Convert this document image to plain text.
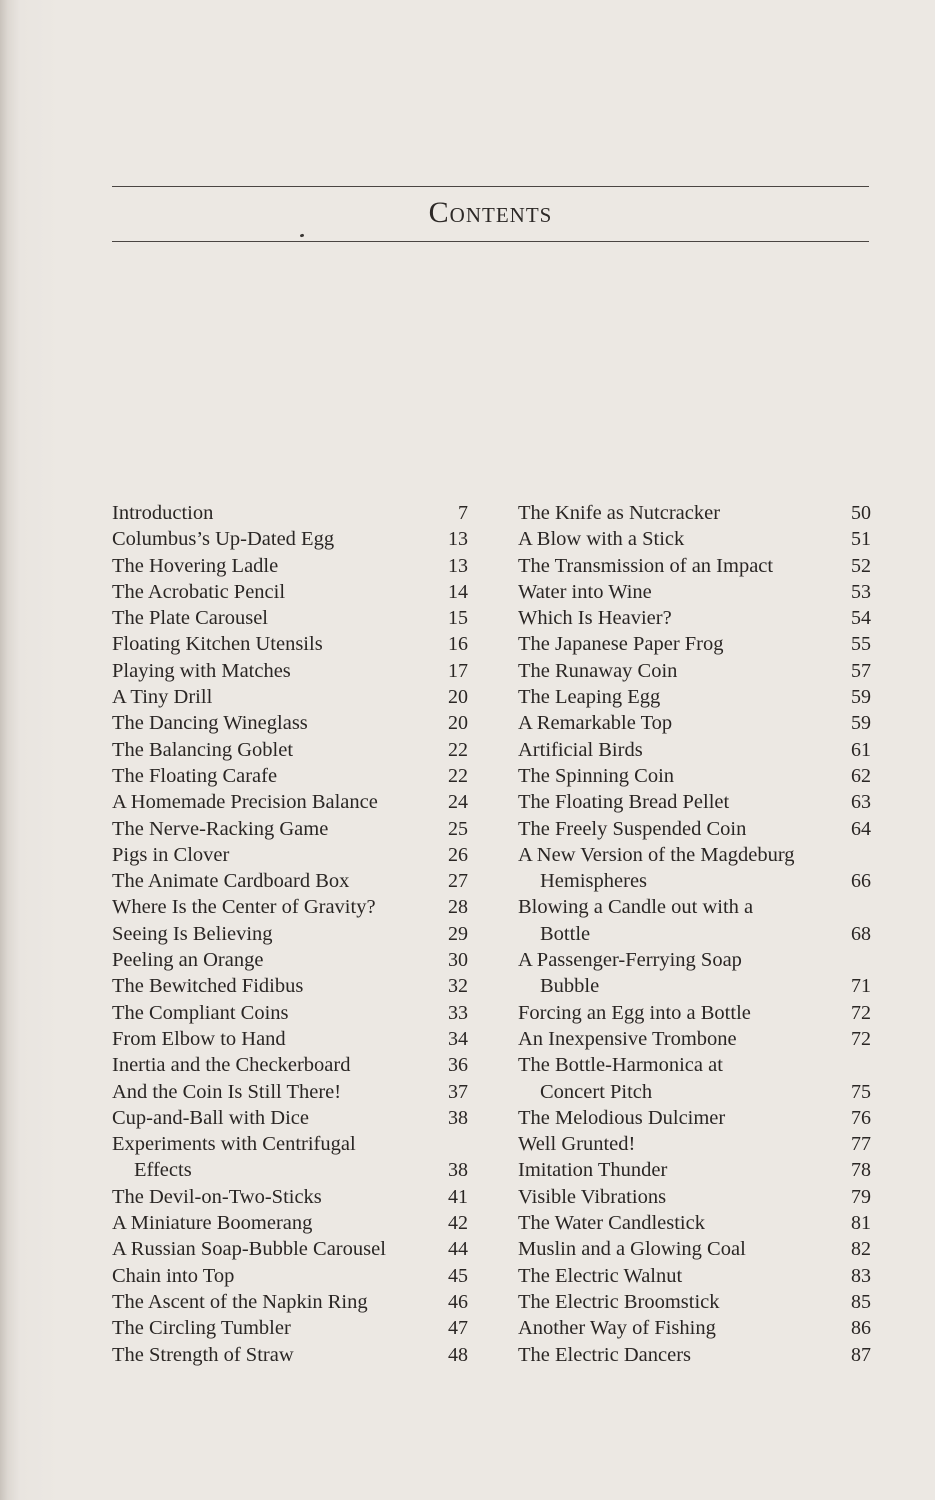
Contents
Introduction	7
Columbus’s Up-Dated Egg	13
The Hovering Ladle	13
The Acrobatic Pencil	14
The Plate Carousel	15
Floating Kitchen Utensils	16
Playing with Matches	17
A Tiny Drill	20
The Dancing Wineglass	20
The Balancing Goblet	22
The Floating Carafe	22
A Homemade Precision Balance	24
The Nerve-Racking Game	25
Pigs in Clover	26
The Animate Cardboard Box	27
Where Is the Center of Gravity?	28
Seeing Is Believing	29
Peeling an Orange	30
The Bewitched Fidibus	32
The Compliant Coins	33
From Elbow to Hand	34
Inertia and the Checkerboard	36
And the Coin Is Still There!	37
Cup-and-Ball with Dice	38
Experiments with Centrifugal
Effects	38
The Devil-on-Two-Sticks	41
A Miniature Boomerang	42
A Russian Soap-Bubble Carousel	44
Chain into Top	45
The Ascent of the Napkin Ring	46
The Circling Tumbler	47
The Strength of Straw	48
The Knife as Nutcracker	50
A Blow with a Stick	51
The Transmission of an Impact	52
Water into Wine	53
Which Is Heavier?	54
The Japanese Paper Frog	55
The Runaway Coin	57
The Leaping Egg	59
A Remarkable Top	59
Artificial Birds	61
The Spinning Coin	62
The Floating Bread Pellet	63
The Freely Suspended Coin	64
A New Version of the Magdeburg
Hemispheres	66
Blowing a Candle out with a
Bottle	68
A Passenger-Ferrying Soap
Bubble	71
Forcing an Egg into a Bottle	72
An Inexpensive Trombone	72
The Bottle-Harmonica at
Concert Pitch	75
The Melodious Dulcimer	76
Well Grunted!	77
Imitation Thunder	78
Visible Vibrations	79
The Water Candlestick	81
Muslin and a Glowing Coal	82
The Electric Walnut	83
The Electric Broomstick	85
Another Way of Fishing	86
The Electric Dancers	87
